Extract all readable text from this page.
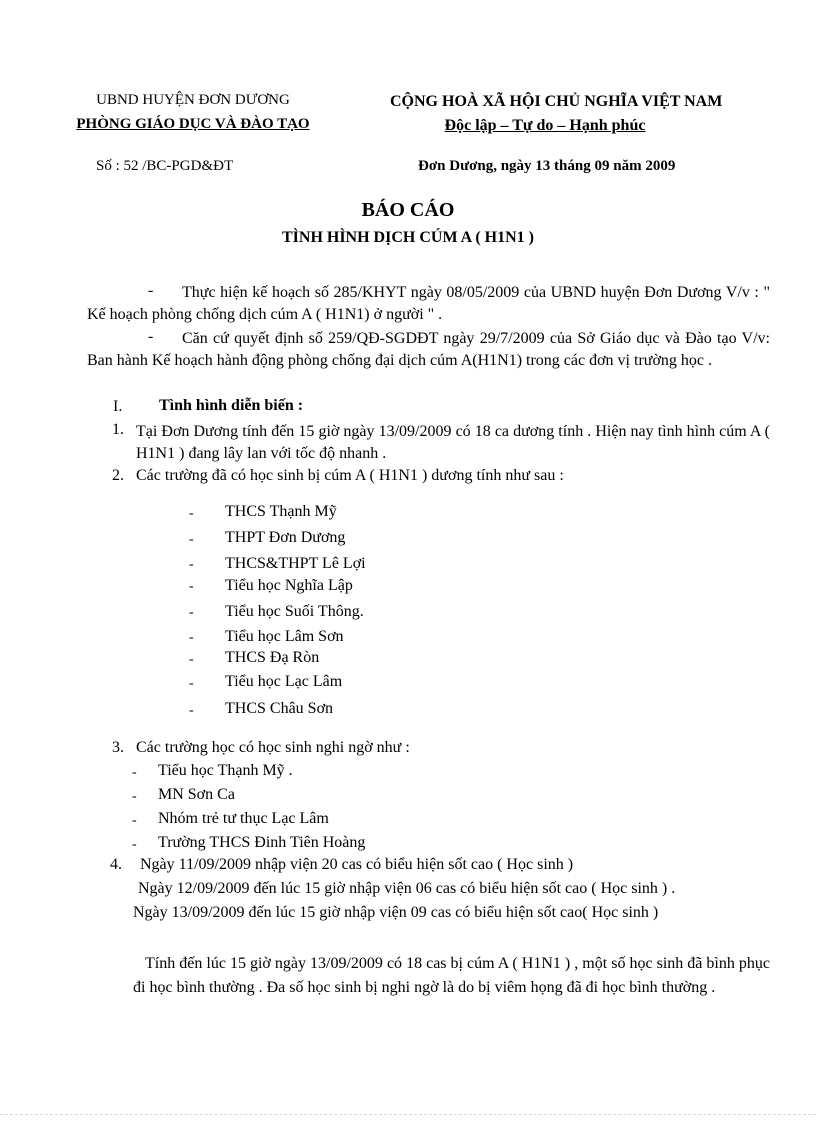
UBND HUYỆN ĐƠN DƯƠNG
PHÒNG GIÁO DỤC VÀ ĐÀO TẠO
CỘNG HOÀ XÃ HỘI CHỦ NGHĨA VIỆT NAM
Độc lập – Tự do – Hạnh phúc
Số : 52 /BC-PGD&ĐT	Đơn Dương, ngày 13 tháng 09 năm 2009
BÁO CÁO
TÌNH HÌNH DỊCH CÚM A ( H1N1 )
-	Thực hiện kế hoạch số 285/KHYT ngày 08/05/2009 của UBND huyện Đơn Dương V/v : " Kế hoạch phòng chống dịch cúm A ( H1N1) ở người " .
-	Căn cứ quyết định số 259/QĐ-SGDĐT ngày 29/7/2009 của Sở Giáo dục và Đào tạo V/v: Ban hành Kế hoạch hành động phòng chống đại dịch cúm A(H1N1) trong các đơn vị trường học .
I. Tình hình diễn biến :
1. Tại Đơn Dương tính đến 15 giờ ngày 13/09/2009 có 18 ca dương tính . Hiện nay tình hình cúm A ( H1N1 ) đang lây lan với tốc độ nhanh .
2. Các trường đã có học sinh bị cúm A ( H1N1 ) dương tính như sau :
- THCS Thạnh Mỹ
- THPT Đơn Dương
- THCS&THPT Lê Lợi
- Tiểu học Nghĩa Lập
- Tiểu học Suối Thông.
- Tiểu học Lâm Sơn
- THCS Đạ Ròn
- Tiểu học Lạc Lâm
- THCS Châu Sơn
3. Các trường học có học sinh nghi ngờ như :
- Tiểu học Thạnh Mỹ .
- MN Sơn Ca
- Nhóm trẻ tư thục Lạc Lâm
- Trường THCS Đinh Tiên Hoàng
4. Ngày 11/09/2009 nhập viện 20 cas có biểu hiện sốt cao ( Học sinh )
Ngày 12/09/2009 đến lúc 15 giờ nhập viện 06 cas có biểu hiện sốt cao ( Học sinh ) .
Ngày 13/09/2009 đến lúc 15 giờ nhập viện 09 cas có biểu hiện sốt cao( Học sinh )
Tính đến lúc 15 giờ ngày 13/09/2009 có 18 cas bị cúm A ( H1N1 ) , một số học sinh đã bình phục đi học bình thường . Đa số học sinh bị nghi ngờ là do bị viêm họng đã đi học bình thường .
